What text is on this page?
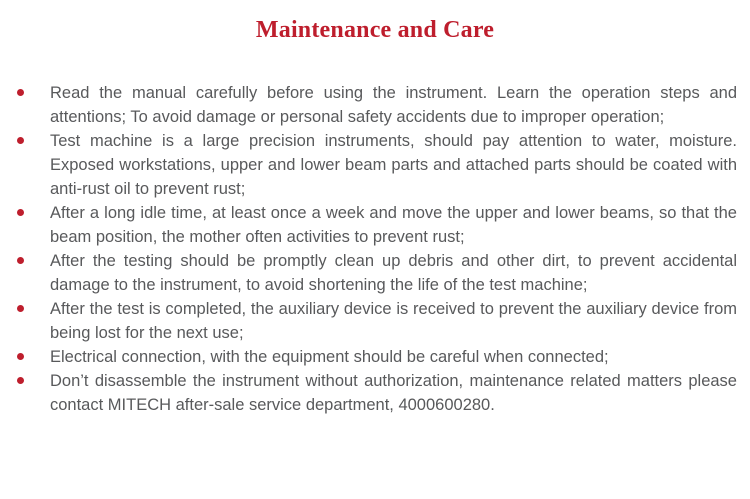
Maintenance and Care
Read the manual carefully before using the instrument. Learn the operation steps and attentions; To avoid damage or personal safety accidents due to improper operation;
Test machine is a large precision instruments, should pay attention to water, moisture. Exposed workstations, upper and lower beam parts and attached parts should be coated with anti-rust oil to prevent rust;
After a long idle time, at least once a week and move the upper and lower beams, so that the beam position, the mother often activities to prevent rust;
After the testing should be promptly clean up debris and other dirt, to prevent accidental damage to the instrument, to avoid shortening the life of the test machine;
After the test is completed, the auxiliary device is received to prevent the auxiliary device from being lost for the next use;
Electrical connection, with the equipment should be careful when connected;
Don’t disassemble the instrument without authorization, maintenance related matters please contact MITECH after-sale service department, 4000600280.
